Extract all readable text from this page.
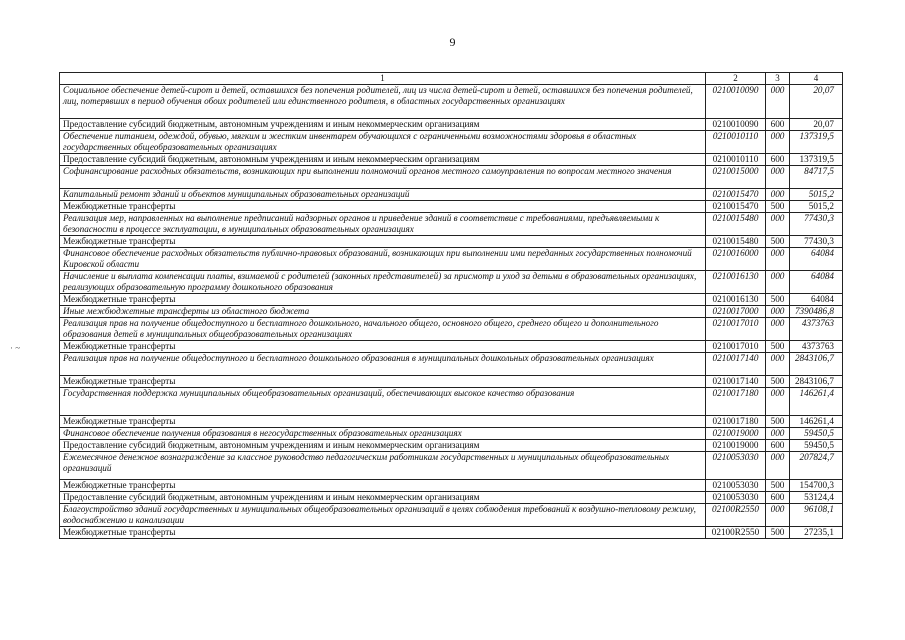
9
· ~
1	2	3	4
Социальное обеспечение детей-сирот и детей, оставшихся без попечения родителей, лиц из числа детей-сирот и детей, оставшихся без попечения родителей, лиц, потерявших в период обучения обоих родителей или единственного родителя, в областных государственных организациях	0210010090	000	20,07
Предоставление субсидий бюджетным, автономным учреждениям и иным некоммерческим организациям	0210010090	600	20,07
Обеспечение питанием, одеждой, обувью, мягким и жестким инвентарем обучающихся с ограниченными возможностями здоровья в областных государственных общеобразовательных организациях	0210010110	000	137319,5
Предоставление субсидий бюджетным, автономным учреждениям и иным некоммерческим организациям	0210010110	600	137319,5
Софинансирование расходных обязательств, возникающих при выполнении полномочий органов местного самоуправления по вопросам местного значения	0210015000	000	84717,5
Капитальный ремонт зданий и объектов муниципальных образовательных организаций	0210015470	000	5015,2
Межбюджетные трансферты	0210015470	500	5015,2
Реализация мер, направленных на выполнение предписаний надзорных органов и приведение зданий в соответствие с требованиями, предъявляемыми к безопасности в процессе эксплуатации, в муниципальных образовательных организациях	0210015480	000	77430,3
Межбюджетные трансферты	0210015480	500	77430,3
Финансовое обеспечение расходных обязательств публично-правовых образований, возникающих при выполнении ими переданных государственных полномочий Кировской области	0210016000	000	64084
Начисление и выплата компенсации платы, взимаемой с родителей (законных представителей) за присмотр и уход за детьми в образовательных организациях, реализующих образовательную программу дошкольного образования	0210016130	000	64084
Межбюджетные трансферты	0210016130	500	64084
Иные межбюджетные трансферты из областного бюджета	0210017000	000	7390486,8
Реализация прав на получение общедоступного и бесплатного дошкольного, начального общего, основного общего, среднего общего и дополнительного образования детей в муниципальных общеобразовательных организациях	0210017010	000	4373763
Межбюджетные трансферты	0210017010	500	4373763
Реализация прав на получение общедоступного и бесплатного дошкольного образования в муниципальных дошкольных образовательных организациях	0210017140	000	2843106,7
Межбюджетные трансферты	0210017140	500	2843106,7
Государственная поддержка муниципальных общеобразовательных организаций, обеспечивающих высокое качество образования	0210017180	000	146261,4
Межбюджетные трансферты	0210017180	500	146261,4
Финансовое обеспечение получения образования в негосударственных образовательных организациях	0210019000	000	59450,5
Предоставление субсидий бюджетным, автономным учреждениям и иным некоммерческим организациям	0210019000	600	59450,5
Ежемесячное денежное вознаграждение за классное руководство педагогическим работникам государственных и муниципальных общеобразовательных организаций	0210053030	000	207824,7
Межбюджетные трансферты	0210053030	500	154700,3
Предоставление субсидий бюджетным, автономным учреждениям и иным некоммерческим организациям	0210053030	600	53124,4
Благоустройство зданий государственных и муниципальных общеобразовательных организаций в целях соблюдения требований к воздушно-тепловому режиму, водоснабжению и канализации	02100R2550	000	96108,1
Межбюджетные трансферты	02100R2550	500	27235,1
